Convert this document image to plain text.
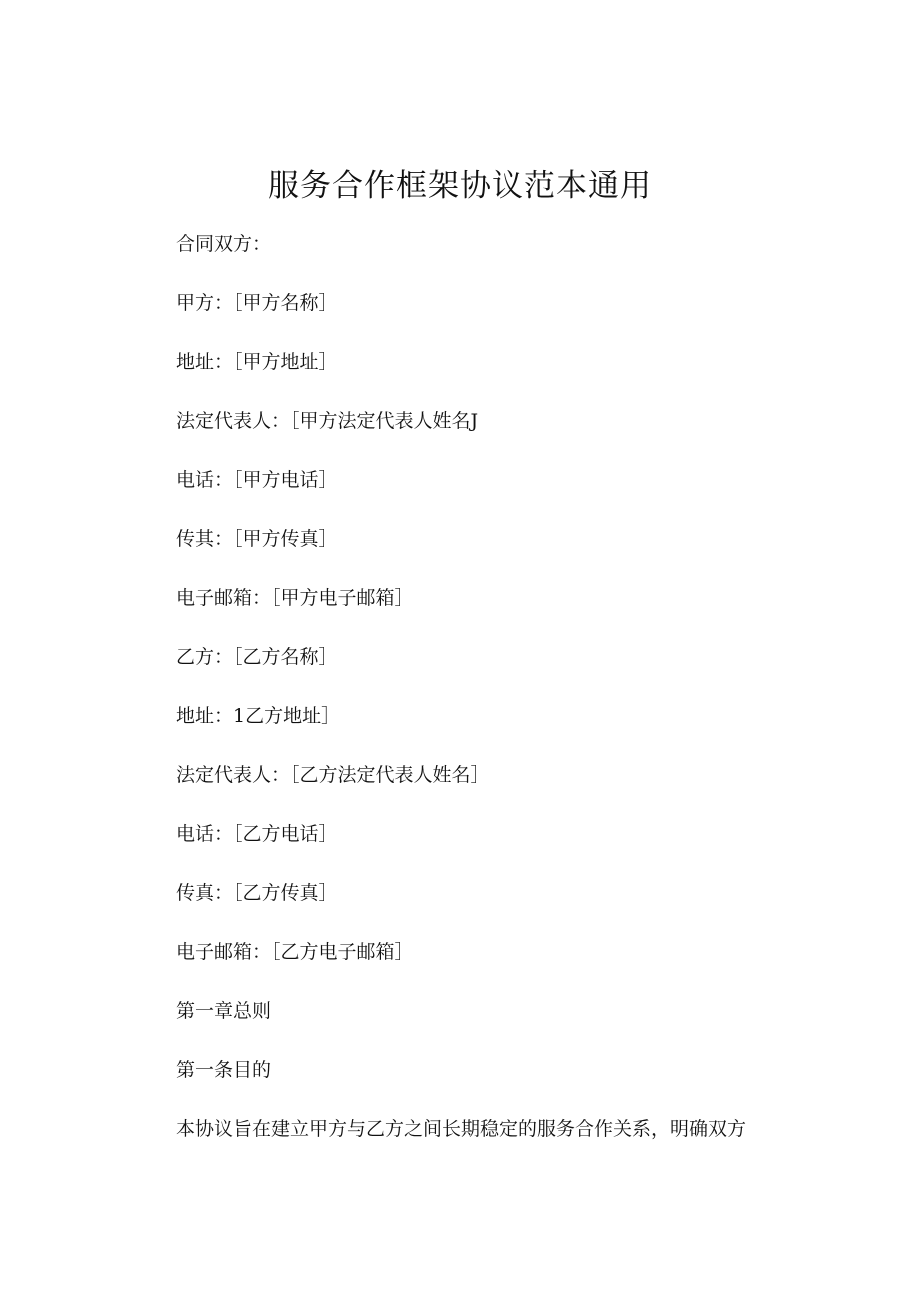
服务合作框架协议范本通用
合同双方：
甲方：［甲方名称］
地址：［甲方地址］
法定代表人：［甲方法定代表人姓名J
电话：［甲方电话］
传其：［甲方传真］
电子邮箱：［甲方电子邮箱］
乙方：［乙方名称］
地址：1乙方地址］
法定代表人：［乙方法定代表人姓名］
电话：［乙方电话］
传真：［乙方传真］
电子邮箱：［乙方电子邮箱］
第一章总则
第一条目的
本协议旨在建立甲方与乙方之间长期稳定的服务合作关系，明确双方
